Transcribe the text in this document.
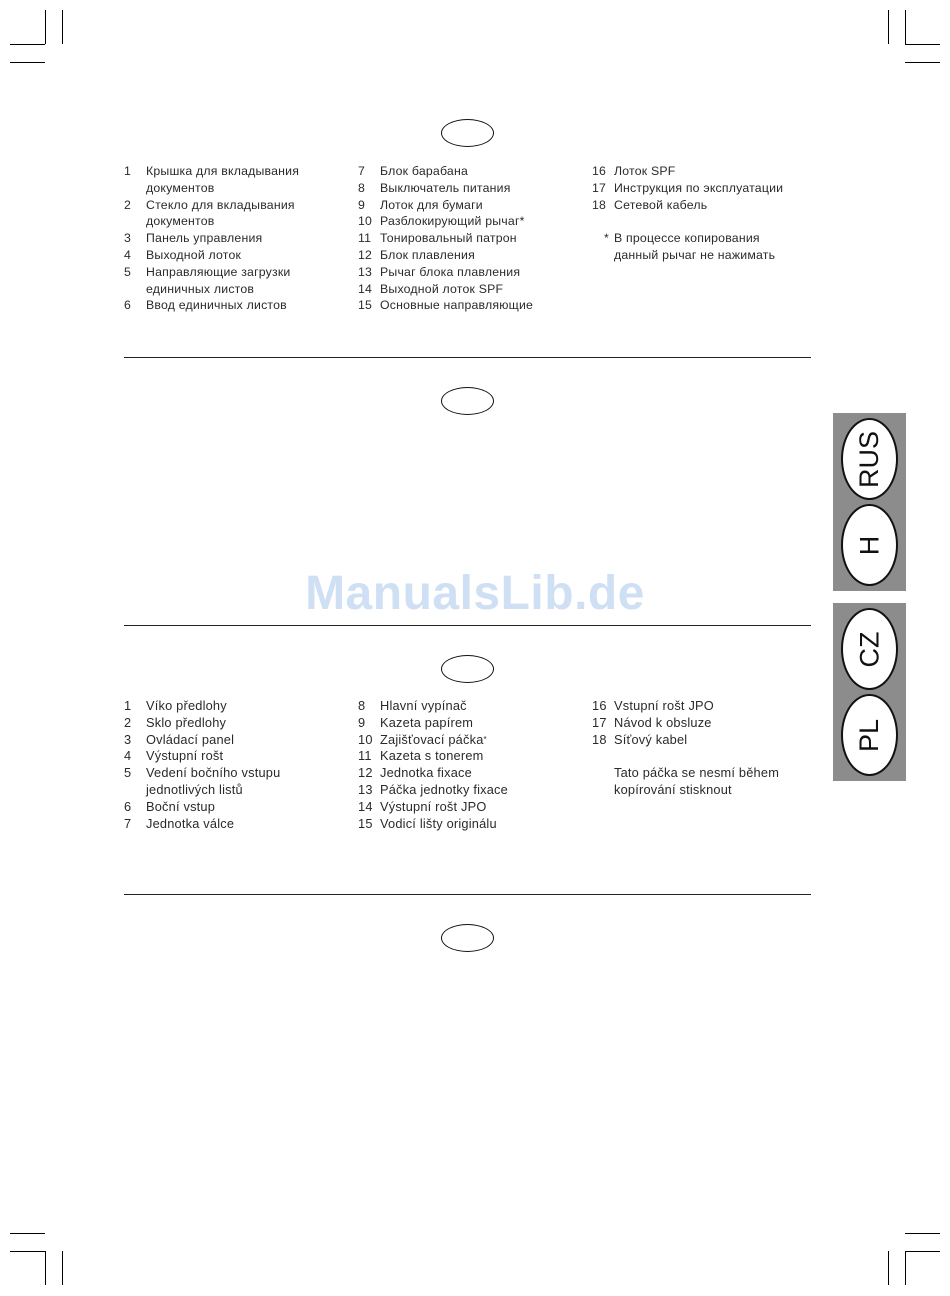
1	Крышка для вкладывания
документов
2	Стекло для вкладывания
документов
3	Панель управления
4	Выходной лоток
5	Направляющие загрузки
единичных листов
6	Ввод единичных листов
7	Блок барабана
8	Выключатель питания
9	Лоток для бумаги
10 Разблокирующий рычаг*
11 Тонировальный патрон
12 Блок плавления
13 Рычаг блока плавления
14 Выходной лоток SPF
15 Основные направляющие
16 Лоток SPF
17 Инструкция по эксплуатации
18 Сетевой кабель
* В процессе копирования
данный рычаг не нажимать
ManualsLib.de
1	Víko předlohy
2	Sklo předlohy
3	Ovládací panel
4	Výstupní rošt
5	Vedení bočního vstupu
jednotlivých listů
6	Boční vstup
7	Jednotka válce
8	Hlavní vypínač
9	Kazeta papírem
10 Zajišťovací páčka *
11 Kazeta s tonerem
12 Jednotka fixace
13 Páčka jednotky fixace
14 Výstupní rošt JPO
15 Vodicí lišty originálu
16 Vstupní rošt JPO
17 Návod k obsluze
18 Síťový kabel
Tato páčka se nesmí během
kopírování stisknout
RUS
H
CZ
PL
